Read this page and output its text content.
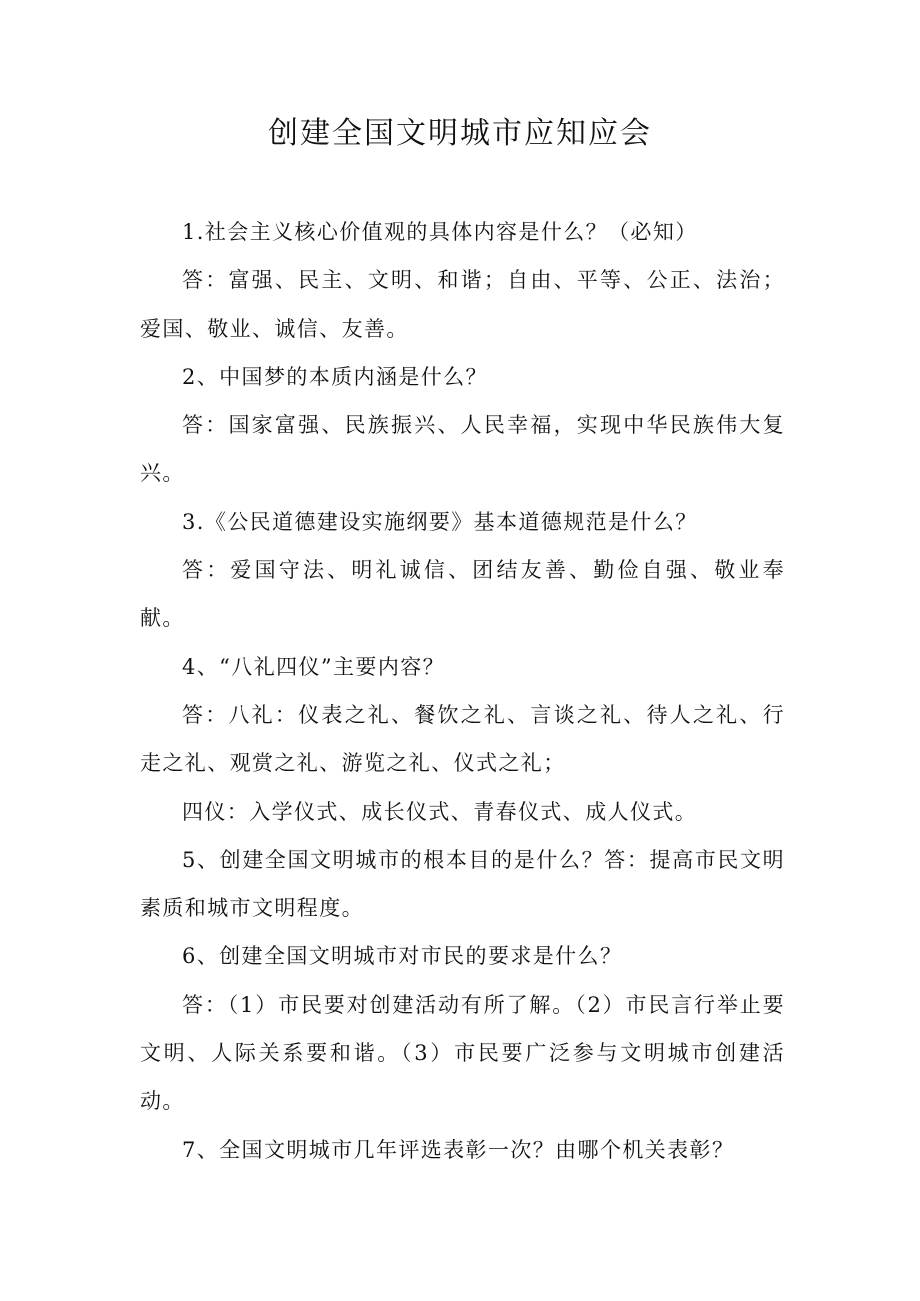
创建全国文明城市应知应会

1.社会主义核心价值观的具体内容是什么？（必知）

答：富强、民主、文明、和谐；自由、平等、公正、法治；爱国、敬业、诚信、友善。

2、中国梦的本质内涵是什么？

答：国家富强、民族振兴、人民幸福，实现中华民族伟大复兴。

3.《公民道德建设实施纲要》基本道德规范是什么？

答：爱国守法、明礼诚信、团结友善、勤俭自强、敬业奉献。

4、“八礼四仪”主要内容？

答：八礼：仪表之礼、餐饮之礼、言谈之礼、待人之礼、行走之礼、观赏之礼、游览之礼、仪式之礼；

四仪：入学仪式、成长仪式、青春仪式、成人仪式。

5、创建全国文明城市的根本目的是什么？答：提高市民文明素质和城市文明程度。

6、创建全国文明城市对市民的要求是什么？

答：（1）市民要对创建活动有所了解。（2）市民言行举止要文明、人际关系要和谐。（3）市民要广泛参与文明城市创建活动。

7、全国文明城市几年评选表彰一次？由哪个机关表彰？
